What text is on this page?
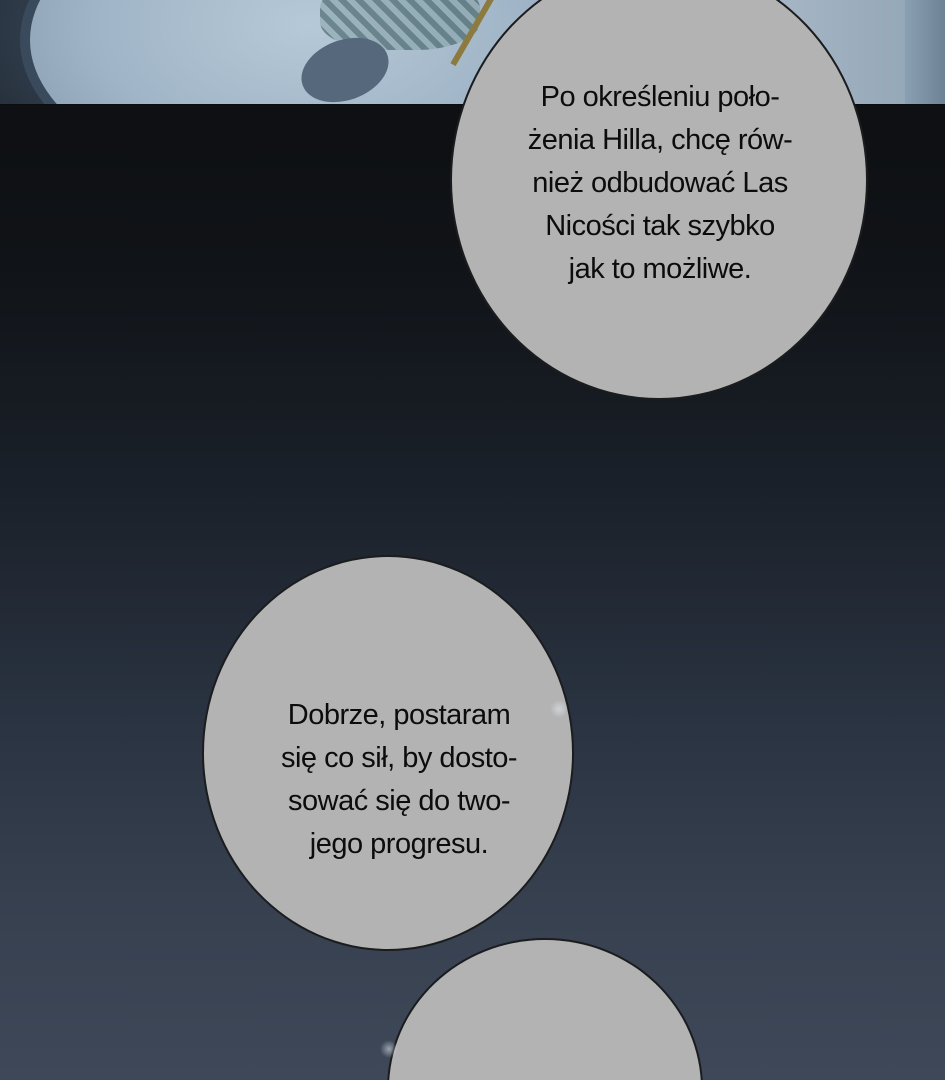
Po określeniu poło-
żenia Hilla, chcę rów-
nież odbudować Las
Nicości tak szybko
jak to możliwe.
Dobrze, postaram
się co sił, by dosto-
sować się do two-
jego progresu.
